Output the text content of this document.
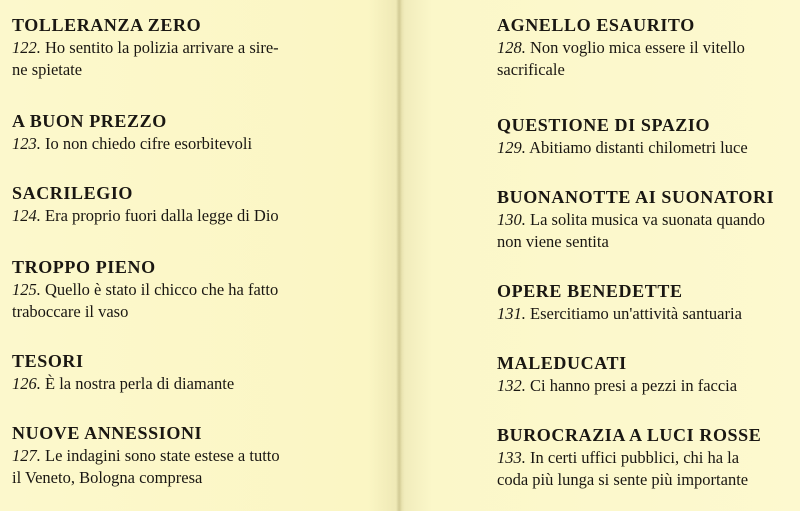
TOLLERANZA ZERO
122. Ho sentito la polizia arrivare a sire-
ne spietate
A BUON PREZZO
123. Io non chiedo cifre esorbitevoli
SACRILEGIO
124. Era proprio fuori dalla legge di Dio
TROPPO PIENO
125. Quello è stato il chicco che ha fatto
traboccare il vaso
TESORI
126. È la nostra perla di diamante
NUOVE ANNESSIONI
127. Le indagini sono state estese a tutto
il Veneto, Bologna compresa
AGNELLO ESAURITO
128. Non voglio mica essere il vitello
sacrificale
QUESTIONE DI SPAZIO
129. Abitiamo distanti chilometri luce
BUONANOTTE AI SUONATORI
130. La solita musica va suonata quando
non viene sentita
OPERE BENEDETTE
131. Esercitiamo un'attività santuaria
MALEDUCATI
132. Ci hanno presi a pezzi in faccia
BUROCRAZIA A LUCI ROSSE
133. In certi uffici pubblici, chi ha la
coda più lunga si sente più importante
